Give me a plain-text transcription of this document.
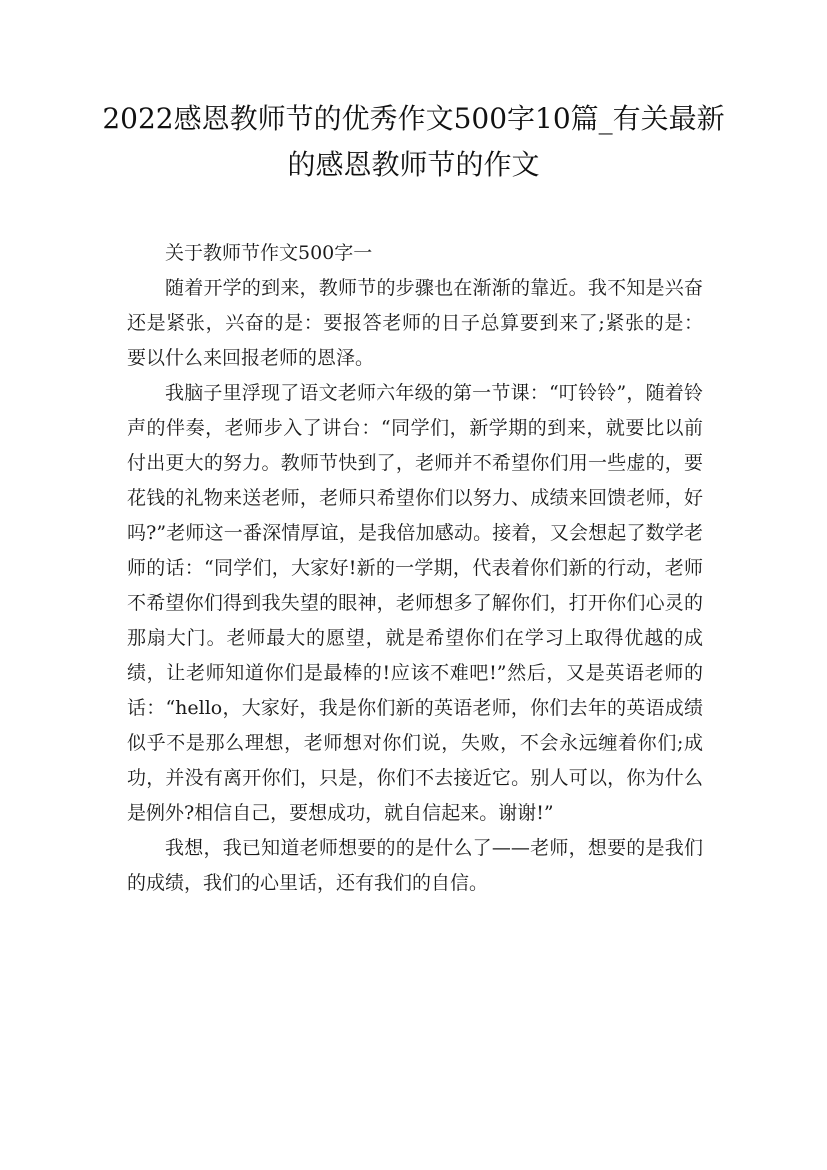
2022感恩教师节的优秀作文500字10篇_有关最新的感恩教师节的作文

关于教师节作文500字一

随着开学的到来，教师节的步骤也在渐渐的靠近。我不知是兴奋还是紧张，兴奋的是：要报答老师的日子总算要到来了;紧张的是：要以什么来回报老师的恩泽。

我脑子里浮现了语文老师六年级的第一节课：“叮铃铃”，随着铃声的伴奏，老师步入了讲台：“同学们，新学期的到来，就要比以前付出更大的努力。教师节快到了，老师并不希望你们用一些虚的，要花钱的礼物来送老师，老师只希望你们以努力、成绩来回馈老师，好吗?”老师这一番深情厚谊，是我倍加感动。接着，又会想起了数学老师的话：“同学们，大家好!新的一学期，代表着你们新的行动，老师不希望你们得到我失望的眼神，老师想多了解你们，打开你们心灵的那扇大门。老师最大的愿望，就是希望你们在学习上取得优越的成绩，让老师知道你们是最棒的!应该不难吧!”然后，又是英语老师的话：“hello，大家好，我是你们新的英语老师，你们去年的英语成绩似乎不是那么理想，老师想对你们说，失败，不会永远缠着你们;成功，并没有离开你们，只是，你们不去接近它。别人可以，你为什么是例外?相信自己，要想成功，就自信起来。谢谢!”

我想，我已知道老师想要的的是什么了——老师，想要的是我们的成绩，我们的心里话，还有我们的自信。
